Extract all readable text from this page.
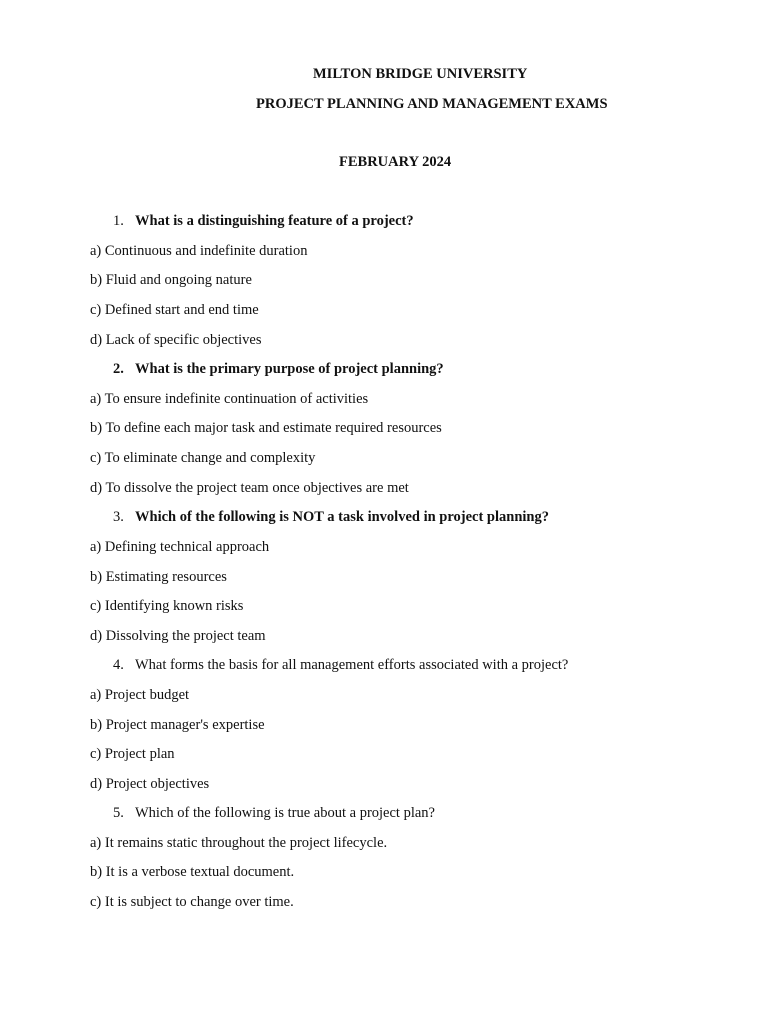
MILTON BRIDGE UNIVERSITY
PROJECT PLANNING AND MANAGEMENT EXAMS
FEBRUARY 2024
1. What is a distinguishing feature of a project?
a) Continuous and indefinite duration
b) Fluid and ongoing nature
c) Defined start and end time
d) Lack of specific objectives
2. What is the primary purpose of project planning?
a) To ensure indefinite continuation of activities
b) To define each major task and estimate required resources
c) To eliminate change and complexity
d) To dissolve the project team once objectives are met
3. Which of the following is NOT a task involved in project planning?
a) Defining technical approach
b) Estimating resources
c) Identifying known risks
d) Dissolving the project team
4. What forms the basis for all management efforts associated with a project?
a) Project budget
b) Project manager's expertise
c) Project plan
d) Project objectives
5. Which of the following is true about a project plan?
a) It remains static throughout the project lifecycle.
b) It is a verbose textual document.
c) It is subject to change over time.
